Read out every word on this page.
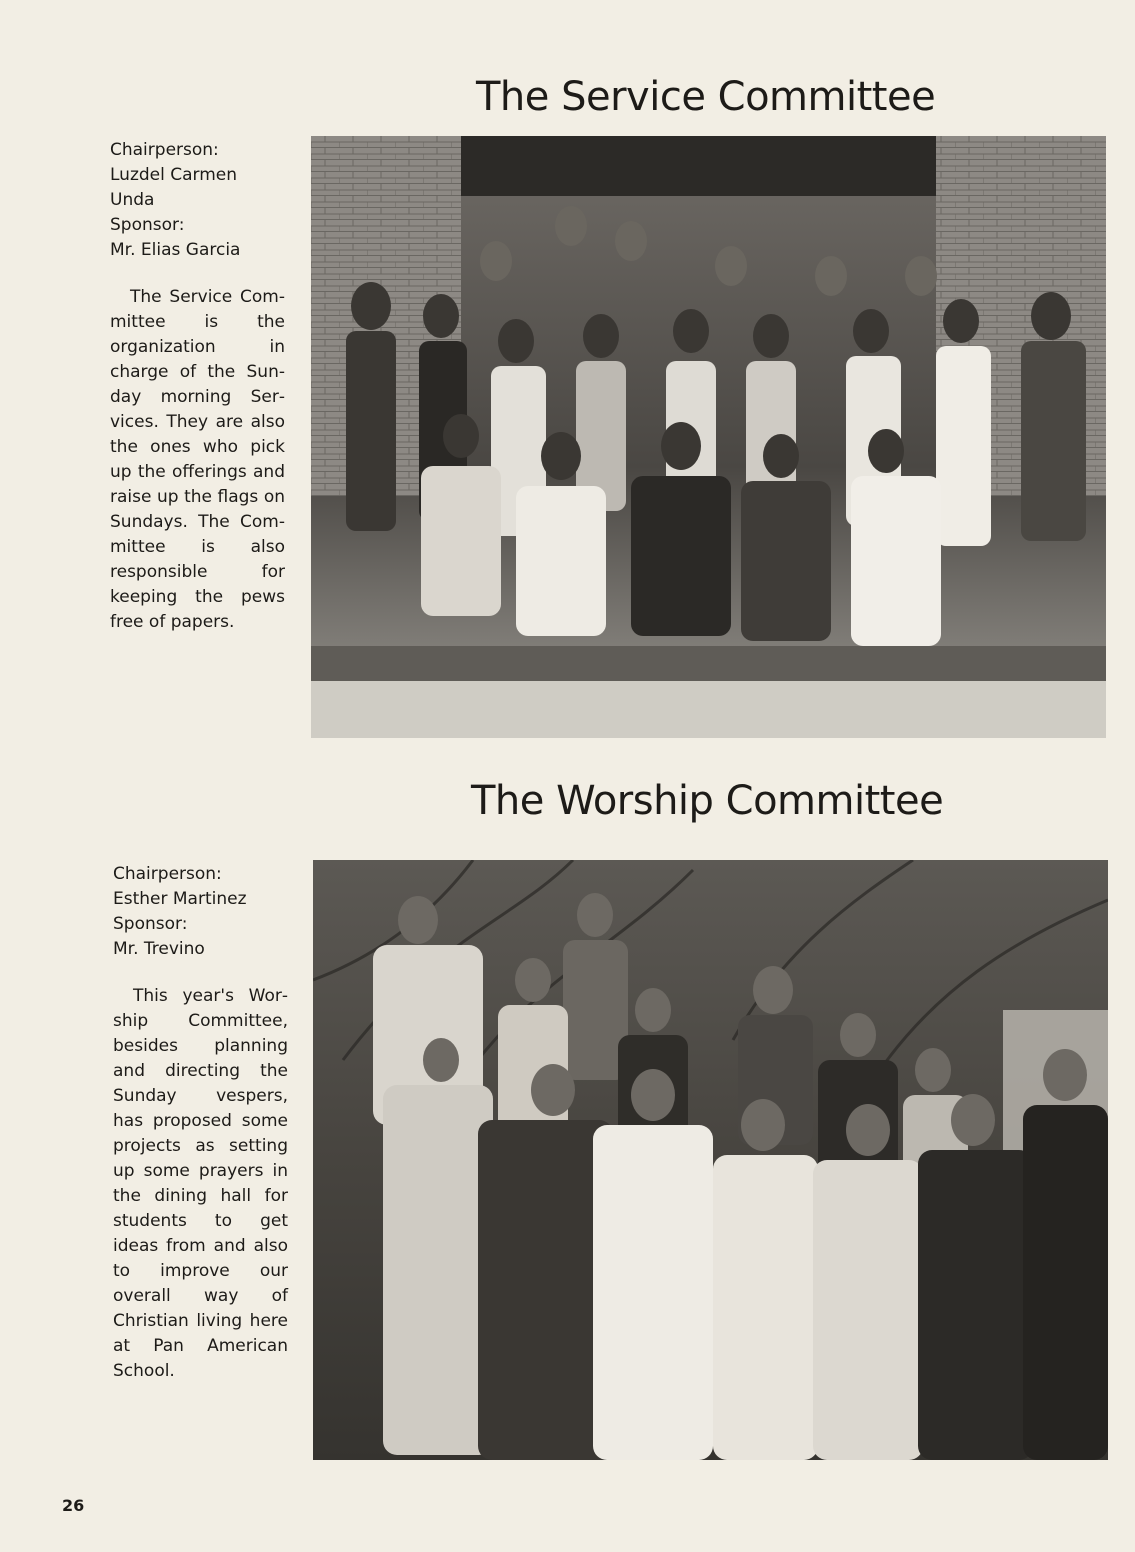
The Service Committee
Chairperson:
Luzdel Carmen
Unda
Sponsor:
Mr. Elias Garcia

The Service Committee is the organization in charge of the Sunday morning Services. They are also the ones who pick up the offerings and raise up the flags on Sundays. The Committee is also responsible for keeping the pews free of papers.

The Worship Committee
Chairperson:
Esther Martinez
Sponsor:
Mr. Trevino

This year's Worship Committee, besides planning and directing the Sunday vespers, has proposed some projects as setting up some prayers in the dining hall for students to get ideas from and also to improve our overall way of Christian living here at Pan American School.

26
